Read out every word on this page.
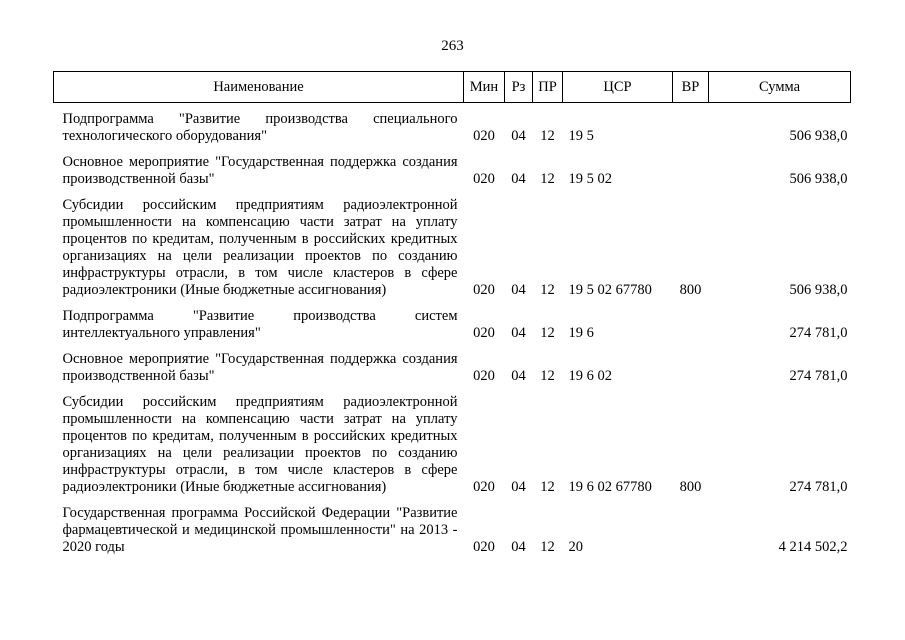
263
Наименование	Мин	Рз	ПР	ЦСР	ВР	Сумма
Подпрограмма "Развитие производства специального технологического оборудования"	020	04	12	19 5		506 938,0
Основное мероприятие "Государственная поддержка создания производственной базы"	020	04	12	19 5 02		506 938,0
Субсидии российским предприятиям радиоэлектронной промышленности на компенсацию части затрат на уплату процентов по кредитам, полученным в российских кредитных организациях на цели реализации проектов по созданию инфраструктуры отрасли, в том числе кластеров в сфере радиоэлектроники (Иные бюджетные ассигнования)	020	04	12	19 5 02 67780	800	506 938,0
Подпрограмма "Развитие производства систем интеллектуального управления"	020	04	12	19 6		274 781,0
Основное мероприятие "Государственная поддержка создания производственной базы"	020	04	12	19 6 02		274 781,0
Субсидии российским предприятиям радиоэлектронной промышленности на компенсацию части затрат на уплату процентов по кредитам, полученным в российских кредитных организациях на цели реализации проектов по созданию инфраструктуры отрасли, в том числе кластеров в сфере радиоэлектроники (Иные бюджетные ассигнования)	020	04	12	19 6 02 67780	800	274 781,0
Государственная программа Российской Федерации "Развитие фармацевтической и медицинской промышленности" на 2013 - 2020 годы	020	04	12	20		4 214 502,2
